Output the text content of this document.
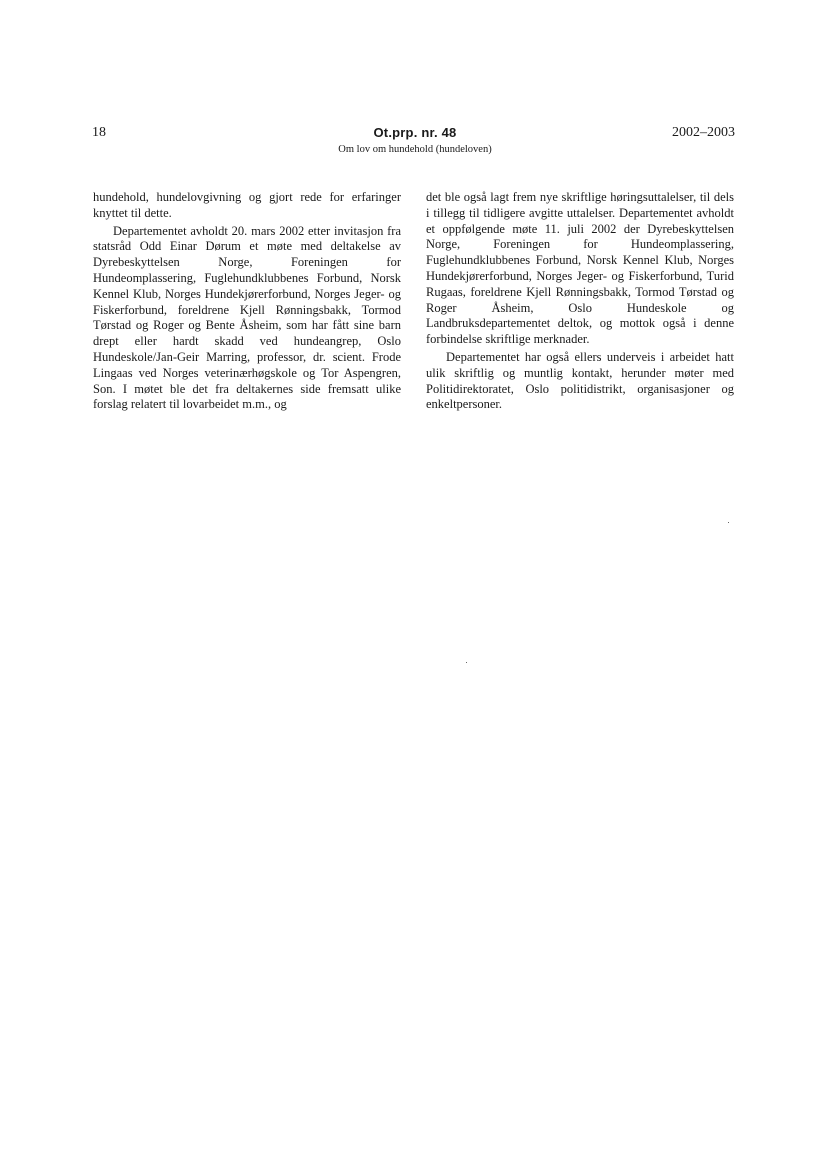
18	Ot.prp. nr. 48
Om lov om hundehold (hundeloven)
2002–2003

hundehold, hundelovgivning og gjort rede for erfaringer knyttet til dette.

Departementet avholdt 20. mars 2002 etter invitasjon fra statsråd Odd Einar Dørum et møte med deltakelse av Dyrebeskyttelsen Norge, Foreningen for Hundeomplassering, Fuglehundklubbenes Forbund, Norsk Kennel Klub, Norges Hundekjørerforbund, Norges Jeger- og Fiskerforbund, foreldrene Kjell Rønningsbakk, Tormod Tørstad og Roger og Bente Åsheim, som har fått sine barn drept eller hardt skadd ved hundeangrep, Oslo Hundeskole/Jan-Geir Marring, professor, dr. scient. Frode Lingaas ved Norges veterinærhøgskole og Tor Aspengren, Son. I møtet ble det fra deltakernes side fremsatt ulike forslag relatert til lovarbeidet m.m., og

det ble også lagt frem nye skriftlige høringsuttalelser, til dels i tillegg til tidligere avgitte uttalelser. Departementet avholdt et oppfølgende møte 11. juli 2002 der Dyrebeskyttelsen Norge, Foreningen for Hundeomplassering, Fuglehundklubbenes Forbund, Norsk Kennel Klub, Norges Hundekjørerforbund, Norges Jeger- og Fiskerforbund, Turid Rugaas, foreldrene Kjell Rønningsbakk, Tormod Tørstad og Roger Åsheim, Oslo Hundeskole og Landbruksdepartementet deltok, og mottok også i denne forbindelse skriftlige merknader.

Departementet har også ellers underveis i arbeidet hatt ulik skriftlig og muntlig kontakt, herunder møter med Politidirektoratet, Oslo politidistrikt, organisasjoner og enkeltpersoner.
